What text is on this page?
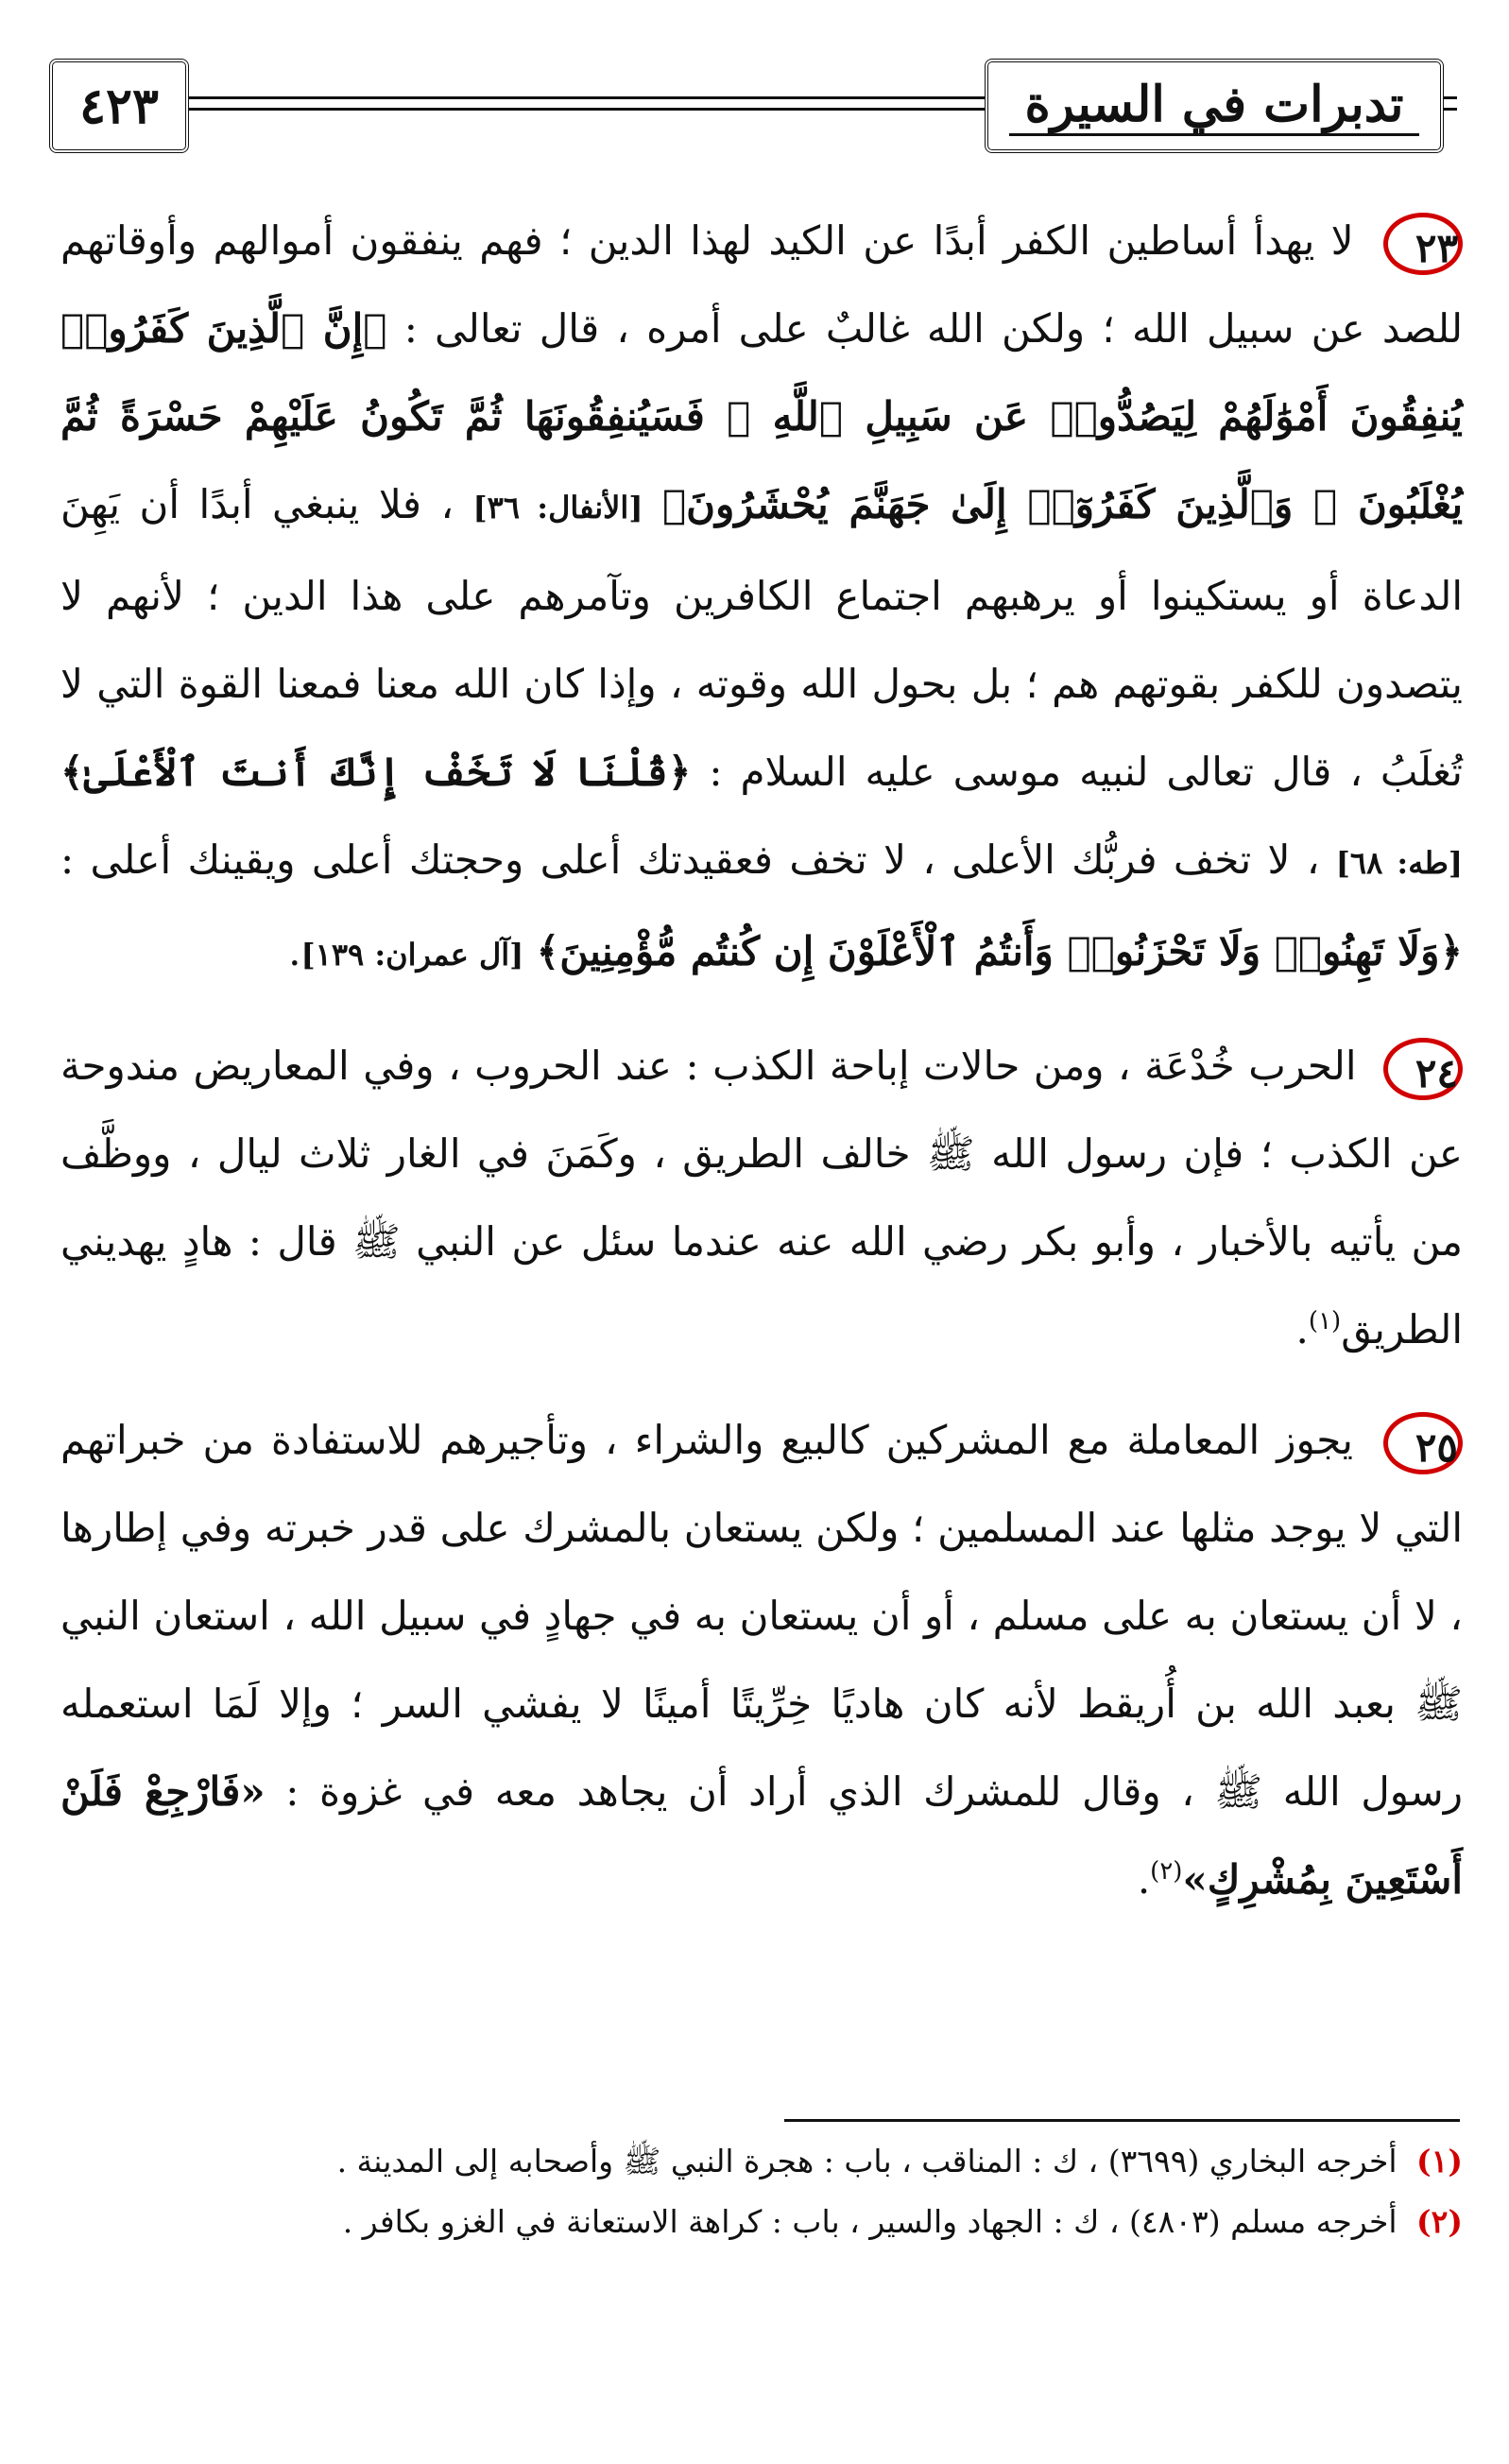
٤٢٣	تدبرات في السيرة

٢٣ لا يهدأ أساطين الكفر أبدًا عن الكيد لهذا الدين ؛ فهم ينفقون أموالهم وأوقاتهم للصد عن سبيل الله ؛ ولكن الله غالبٌ على أمره ، قال تعالى : ﴿إِنَّ ٱلَّذِينَ كَفَرُوا۟ يُنفِقُونَ أَمْوَٰلَهُمْ لِيَصُدُّوا۟ عَن سَبِيلِ ٱللَّهِ ۚ فَسَيُنفِقُونَهَا ثُمَّ تَكُونُ عَلَيْهِمْ حَسْرَةً ثُمَّ يُغْلَبُونَ ۗ وَٱلَّذِينَ كَفَرُوٓا۟ إِلَىٰ جَهَنَّمَ يُحْشَرُونَ﴾ [الأنفال: ٣٦] ، فلا ينبغي أبدًا أن يَهِنَ الدعاة أو يستكينوا أو يرهبهم اجتماع الكافرين وتآمرهم على هذا الدين ؛ لأنهم لا يتصدون للكفر بقوتهم هم ؛ بل بحول الله وقوته ، وإذا كان الله معنا فمعنا القوة التي لا تُغلَبُ ، قال تعالى لنبيه موسى عليه السلام : ﴿قُلْنَا لَا تَخَفْ إِنَّكَ أَنتَ ٱلْأَعْلَىٰ﴾ [طه: ٦٨] ، لا تخف فربُّك الأعلى ، لا تخف فعقيدتك أعلى وحجتك أعلى ويقينك أعلى : ﴿وَلَا تَهِنُوا۟ وَلَا تَحْزَنُوا۟ وَأَنتُمُ ٱلْأَعْلَوْنَ إِن كُنتُم مُّؤْمِنِينَ﴾ [آل عمران: ١٣٩].

٢٤ الحرب خُدْعَة ، ومن حالات إباحة الكذب : عند الحروب ، وفي المعاريض مندوحة عن الكذب ؛ فإن رسول الله ﷺ خالف الطريق ، وكَمَنَ في الغار ثلاث ليال ، ووظَّف من يأتيه بالأخبار ، وأبو بكر رضي الله عنه عندما سئل عن النبي ﷺ قال : هادٍ يهديني الطريق$^{(١)}$.

٢٥ يجوز المعاملة مع المشركين كالبيع والشراء ، وتأجيرهم للاستفادة من خبراتهم التي لا يوجد مثلها عند المسلمين ؛ ولكن يستعان بالمشرك على قدر خبرته وفي إطارها ، لا أن يستعان به على مسلم ، أو أن يستعان به في جهادٍ في سبيل الله ، استعان النبي ﷺ بعبد الله بن أُريقط لأنه كان هاديًا خِرِّيتًا أمينًا لا يفشي السر ؛ وإلا لَمَا استعمله رسول الله ﷺ ، وقال للمشرك الذي أراد أن يجاهد معه في غزوة : «فَارْجِعْ فَلَنْ أَسْتَعِينَ بِمُشْرِكٍ»$^{(٢)}$.

(١) أخرجه البخاري (٣٦٩٩) ، ك : المناقب ، باب : هجرة النبي ﷺ وأصحابه إلى المدينة .

(٢) أخرجه مسلم (٤٨٠٣) ، ك : الجهاد والسير ، باب : كراهة الاستعانة في الغزو بكافر .
